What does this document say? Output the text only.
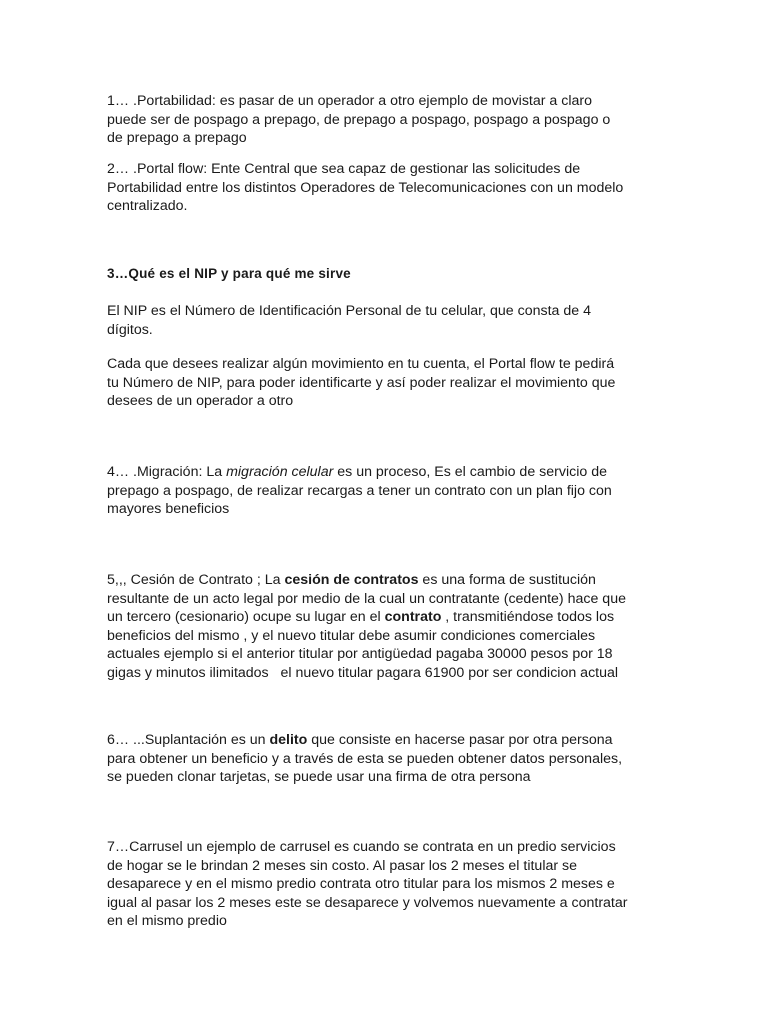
1… .Portabilidad: es pasar de un operador a otro ejemplo de movistar a claro
puede ser de pospago a prepago, de prepago a pospago, pospago a pospago o
de prepago a prepago

2… .Portal flow: Ente Central que sea capaz de gestionar las solicitudes de
Portabilidad entre los distintos Operadores de Telecomunicaciones con un modelo
centralizado.

3…Qué es el NIP y para qué me sirve

El NIP es el Número de Identificación Personal de tu celular, que consta de 4
dígitos.

Cada que desees realizar algún movimiento en tu cuenta, el Portal flow te pedirá
tu Número de NIP, para poder identificarte y así poder realizar el movimiento que
desees de un operador a otro

4… .Migración: La migración celular es un proceso, Es el cambio de servicio de
prepago a pospago, de realizar recargas a tener un contrato con un plan fijo con
mayores beneficios

5,,, Cesión de Contrato ; La cesión de contratos es una forma de sustitución
resultante de un acto legal por medio de la cual un contratante (cedente) hace que
un tercero (cesionario) ocupe su lugar en el contrato , transmitiéndose todos los
beneficios del mismo , y el nuevo titular debe asumir condiciones comerciales
actuales ejemplo si el anterior titular por antigüedad pagaba 30000 pesos por 18
gigas y minutos ilimitados   el nuevo titular pagara 61900 por ser condicion actual

6… ...Suplantación es un delito que consiste en hacerse pasar por otra persona
para obtener un beneficio y a través de esta se pueden obtener datos personales,
se pueden clonar tarjetas, se puede usar una firma de otra persona

7…Carrusel un ejemplo de carrusel es cuando se contrata en un predio servicios
de hogar se le brindan 2 meses sin costo. Al pasar los 2 meses el titular se
desaparece y en el mismo predio contrata otro titular para los mismos 2 meses e
igual al pasar los 2 meses este se desaparece y volvemos nuevamente a contratar
en el mismo predio
